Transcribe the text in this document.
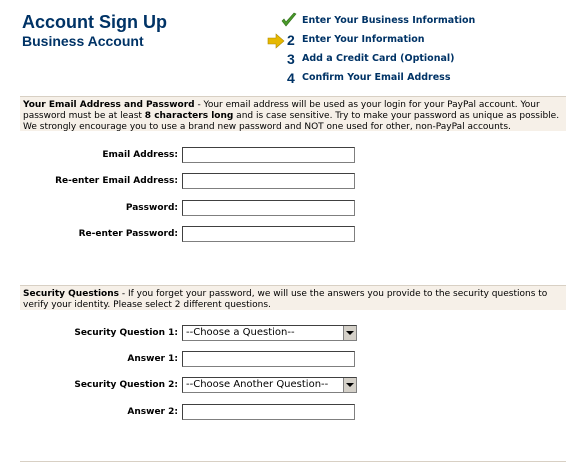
Account Sign Up
Business Account
Enter Your Business Information
2 Enter Your Information
3 Add a Credit Card (Optional)
4 Confirm Your Email Address
Your Email Address and Password - Your email address will be used as your login for your PayPal account. Your password must be at least 8 characters long and is case sensitive. Try to make your password as unique as possible. We strongly encourage you to use a brand new password and NOT one used for other, non-PayPal accounts.
Email Address:
Re-enter Email Address:
Password:
Re-enter Password:
Security Questions - If you forget your password, we will use the answers you provide to the security questions to verify your identity. Please select 2 different questions.
Security Question 1: --Choose a Question--
Answer 1:
Security Question 2: --Choose Another Question--
Answer 2:
